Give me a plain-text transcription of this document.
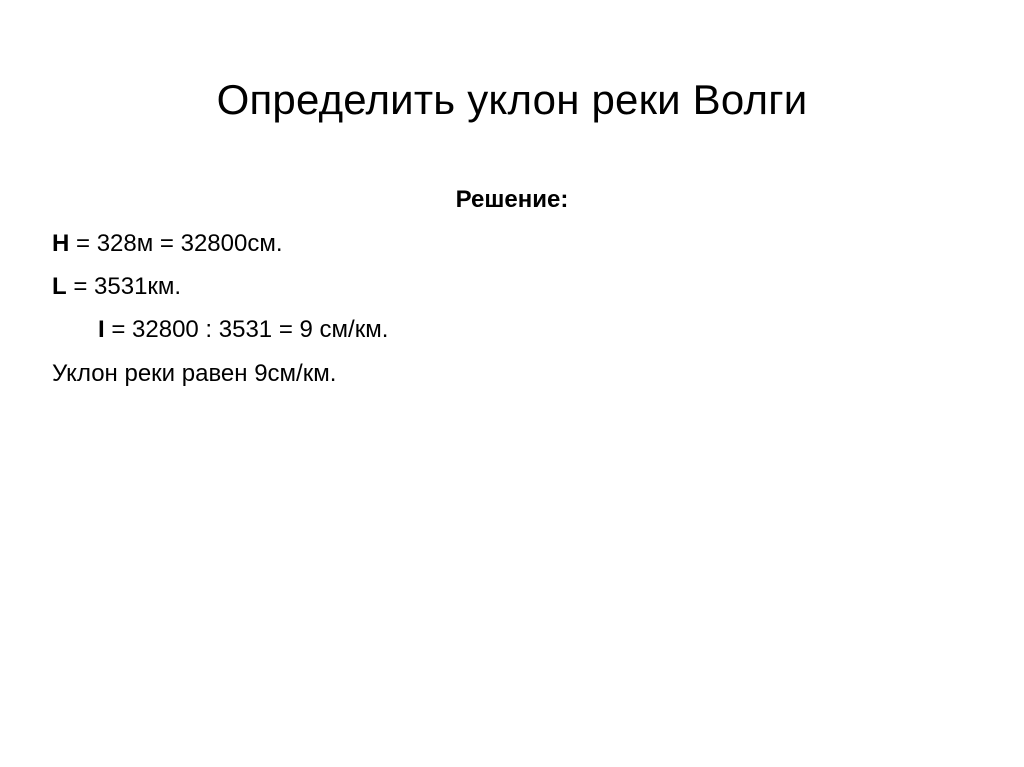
Определить уклон реки Волги
Решение:
H = 328м = 32800см.
L = 3531км.
I = 32800 : 3531 = 9 см/км.
Уклон реки равен 9см/км.
